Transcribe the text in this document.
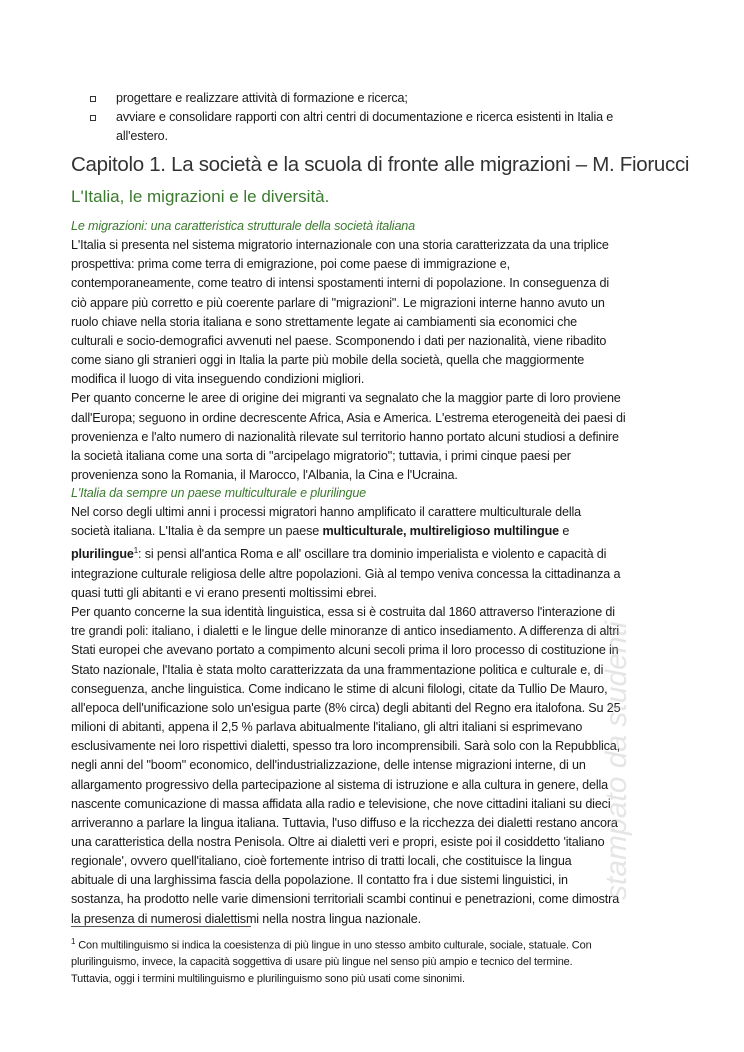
progettare e realizzare attività di formazione e ricerca;
avviare e consolidare rapporti con altri centri di documentazione e ricerca esistenti in Italia e
all'estero.
Capitolo 1. La società e la scuola di fronte alle migrazioni – M. Fiorucci
L'Italia, le migrazioni e le diversità.
Le migrazioni: una caratteristica strutturale della società italiana
L'Italia si presenta nel sistema migratorio internazionale con una storia caratterizzata da una triplice
prospettiva: prima come terra di emigrazione, poi come paese di immigrazione e,
contemporaneamente, come teatro di intensi spostamenti interni di popolazione. In conseguenza di
ciò appare più corretto e più coerente parlare di "migrazioni". Le migrazioni interne hanno avuto un
ruolo chiave nella storia italiana e sono strettamente legate ai cambiamenti sia economici che
culturali e socio-demografici avvenuti nel paese. Scomponendo i dati per nazionalità, viene ribadito
come siano gli stranieri oggi in Italia la parte più mobile della società, quella che maggiormente
modifica il luogo di vita inseguendo condizioni migliori.
Per quanto concerne le aree di origine dei migranti va segnalato che la maggior parte di loro proviene
dall'Europa; seguono in ordine decrescente Africa, Asia e America. L'estrema eterogeneità dei paesi di
provenienza e l'alto numero di nazionalità rilevate sul territorio hanno portato alcuni studiosi a definire
la società italiana come una sorta di "arcipelago migratorio"; tuttavia, i primi cinque paesi per
provenienza sono la Romania, il Marocco, l'Albania, la Cina e l'Ucraina.
L'Italia da sempre un paese multiculturale e plurilingue
Nel corso degli ultimi anni i processi migratori hanno amplificato il carattere multiculturale della
società italiana. L'Italia è da sempre un paese multiculturale, multireligioso multilingue e
plurilingue$^1$: si pensi all'antica Roma e all' oscillare tra dominio imperialista e violento e capacità di
integrazione culturale religiosa delle altre popolazioni. Già al tempo veniva concessa la cittadinanza a
quasi tutti gli abitanti e vi erano presenti moltissimi ebrei.
Per quanto concerne la sua identità linguistica, essa si è costruita dal 1860 attraverso l'interazione di
tre grandi poli: italiano, i dialetti e le lingue delle minoranze di antico insediamento. A differenza di altri
Stati europei che avevano portato a compimento alcuni secoli prima il loro processo di costituzione in
Stato nazionale, l'Italia è stata molto caratterizzata da una frammentazione politica e culturale e, di
conseguenza, anche linguistica. Come indicano le stime di alcuni filologi, citate da Tullio De Mauro,
all'epoca dell'unificazione solo un'esigua parte (8% circa) degli abitanti del Regno era italofona. Su 25
milioni di abitanti, appena il 2,5 % parlava abitualmente l'italiano, gli altri italiani si esprimevano
esclusivamente nei loro rispettivi dialetti, spesso tra loro incomprensibili. Sarà solo con la Repubblica,
negli anni del "boom" economico, dell'industrializzazione, delle intense migrazioni interne, di un
allargamento progressivo della partecipazione al sistema di istruzione e alla cultura in genere, della
nascente comunicazione di massa affidata alla radio e televisione, che nove cittadini italiani su dieci
arriveranno a parlare la lingua italiana. Tuttavia, l'uso diffuso e la ricchezza dei dialetti restano ancora
una caratteristica della nostra Penisola. Oltre ai dialetti veri e propri, esiste poi il cosiddetto 'italiano
regionale', ovvero quell'italiano, cioè fortemente intriso di tratti locali, che costituisce la lingua
abituale di una larghissima fascia della popolazione. Il contatto fra i due sistemi linguistici, in
sostanza, ha prodotto nelle varie dimensioni territoriali scambi continui e penetrazioni, come dimostra
la presenza di numerosi dialettismi nella nostra lingua nazionale.
$^1$ Con multilinguismo si indica la coesistenza di più lingue in uno stesso ambito culturale, sociale, statuale. Con
plurilinguismo, invece, la capacità soggettiva di usare più lingue nel senso più ampio e tecnico del termine.
Tuttavia, oggi i termini multilinguismo e plurilinguismo sono più usati come sinonimi.
stampato da studenti
